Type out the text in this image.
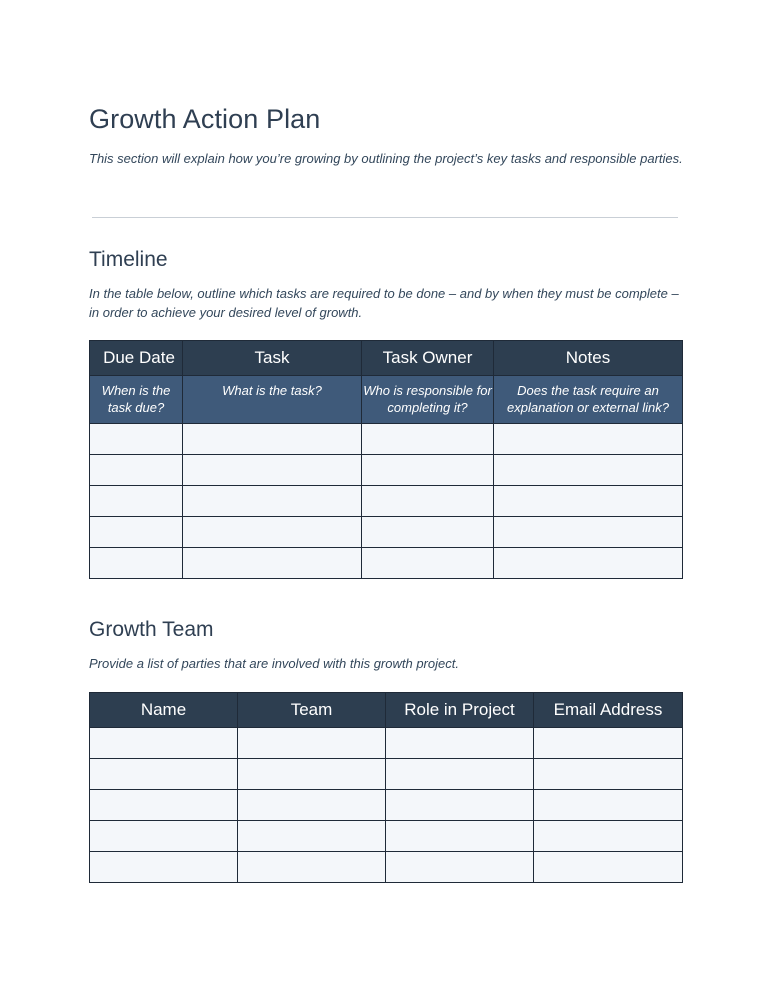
Growth Action Plan

This section will explain how you’re growing by outlining the project’s key tasks and responsible parties.

Timeline

In the table below, outline which tasks are required to be done – and by when they must be complete – in order to achieve your desired level of growth.

Due Date	Task	Task Owner	Notes
When is the task due?	What is the task?	Who is responsible for completing it?	Does the task require an explanation or external link?

Growth Team

Provide a list of parties that are involved with this growth project.

Name	Team	Role in Project	Email Address
